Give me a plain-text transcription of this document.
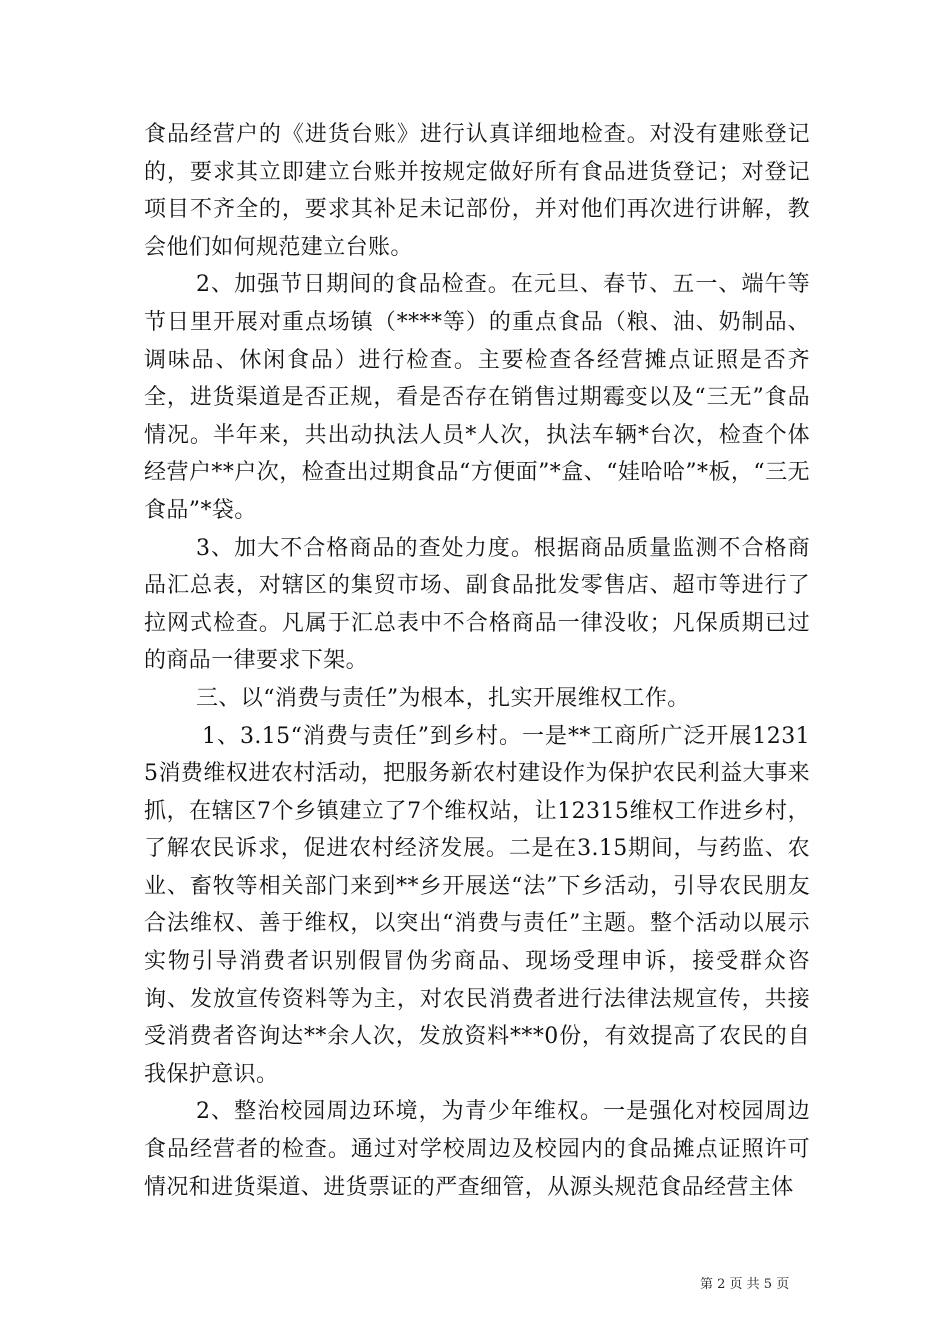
食品经营户的《进货台账》进行认真详细地检查。对没有建账登记的，要求其立即建立台账并按规定做好所有食品进货登记；对登记项目不齐全的，要求其补足未记部份，并对他们再次进行讲解，教会他们如何规范建立台账。

2、加强节日期间的食品检查。在元旦、春节、五一、端午等节日里开展对重点场镇（****等）的重点食品（粮、油、奶制品、调味品、休闲食品）进行检查。主要检查各经营摊点证照是否齐全，进货渠道是否正规，看是否存在销售过期霉变以及“三无”食品情况。半年来，共出动执法人员*人次，执法车辆*台次，检查个体经营户**户次，检查出过期食品“方便面”*盒、“娃哈哈”*板，“三无食品”*袋。

3、加大不合格商品的查处力度。根据商品质量监测不合格商品汇总表，对辖区的集贸市场、副食品批发零售店、超市等进行了拉网式检查。凡属于汇总表中不合格商品一律没收；凡保质期已过的商品一律要求下架。

三、以“消费与责任”为根本，扎实开展维权工作。

1、3.15“消费与责任”到乡村。一是**工商所广泛开展12315消费维权进农村活动，把服务新农村建设作为保护农民利益大事来抓，在辖区7个乡镇建立了7个维权站，让12315维权工作进乡村，了解农民诉求，促进农村经济发展。二是在3.15期间，与药监、农业、畜牧等相关部门来到**乡开展送“法”下乡活动，引导农民朋友合法维权、善于维权，以突出“消费与责任”主题。整个活动以展示实物引导消费者识别假冒伪劣商品、现场受理申诉，接受群众咨询、发放宣传资料等为主，对农民消费者进行法律法规宣传，共接受消费者咨询达**余人次，发放资料***0份，有效提高了农民的自我保护意识。

2、整治校园周边环境，为青少年维权。一是强化对校园周边食品经营者的检查。通过对学校周边及校园内的食品摊点证照许可情况和进货渠道、进货票证的严查细管，从源头规范食品经营主体

第 2 页 共 5 页
